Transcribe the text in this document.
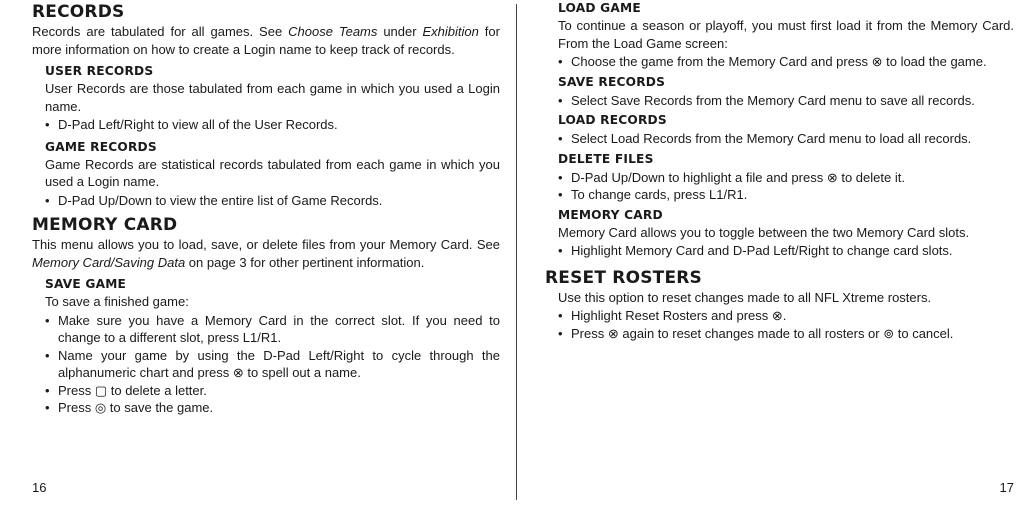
RECORDS

Records are tabulated for all games. See Choose Teams under Exhibition for more information on how to create a Login name to keep track of records.

USER RECORDS

User Records are those tabulated from each game in which you used a Login name.

• D-Pad Left/Right to view all of the User Records.
GAME RECORDS

Game Records are statistical records tabulated from each game in which you used a Login name.

• D-Pad Up/Down to view the entire list of Game Records.
MEMORY CARD

This menu allows you to load, save, or delete files from your Memory Card. See Memory Card/Saving Data on page 3 for other pertinent information.

SAVE GAME

To save a finished game:

• Make sure you have a Memory Card in the correct slot. If you need to change to a different slot, press L1/R1.
• Name your game by using the D-Pad Left/Right to cycle through the alphanumeric chart and press ⊗ to spell out a name.
• Press ▢ to delete a letter.
• Press ◎ to save the game.
16
LOAD GAME

To continue a season or playoff, you must first load it from the Memory Card. From the Load Game screen:

• Choose the game from the Memory Card and press ⊗ to load the game.
SAVE RECORDS
• Select Save Records from the Memory Card menu to save all records.
LOAD RECORDS
• Select Load Records from the Memory Card menu to load all records.
DELETE FILES
• D-Pad Up/Down to highlight a file and press ⊗ to delete it.
• To change cards, press L1/R1.
MEMORY CARD

Memory Card allows you to toggle between the two Memory Card slots.

• Highlight Memory Card and D-Pad Left/Right to change card slots.
RESET ROSTERS

Use this option to reset changes made to all NFL Xtreme rosters.

• Highlight Reset Rosters and press ⊗.
• Press ⊗ again to reset changes made to all rosters or ⊚ to cancel.
17
